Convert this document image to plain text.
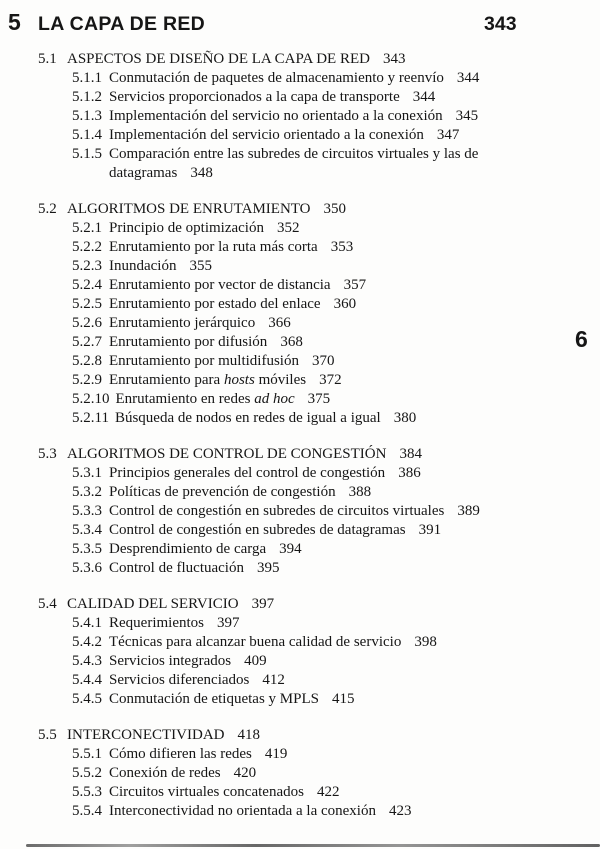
5 LA CAPA DE RED	343
5.1 ASPECTOS DE DISEÑO DE LA CAPA DE RED 343
5.1.1 Conmutación de paquetes de almacenamiento y reenvío 344
5.1.2 Servicios proporcionados a la capa de transporte 344
5.1.3 Implementación del servicio no orientado a la conexión 345
5.1.4 Implementación del servicio orientado a la conexión 347
5.1.5 Comparación entre las subredes de circuitos virtuales y las de
datagramas 348
5.2 ALGORITMOS DE ENRUTAMIENTO 350
5.2.1 Principio de optimización 352
5.2.2 Enrutamiento por la ruta más corta 353
5.2.3 Inundación 355
5.2.4 Enrutamiento por vector de distancia 357
5.2.5 Enrutamiento por estado del enlace 360
5.2.6 Enrutamiento jerárquico 366
5.2.7 Enrutamiento por difusión 368
5.2.8 Enrutamiento por multidifusión 370
5.2.9 Enrutamiento para hosts móviles 372
5.2.10 Enrutamiento en redes ad hoc 375
5.2.11 Búsqueda de nodos en redes de igual a igual 380
5.3 ALGORITMOS DE CONTROL DE CONGESTIÓN 384
5.3.1 Principios generales del control de congestión 386
5.3.2 Políticas de prevención de congestión 388
5.3.3 Control de congestión en subredes de circuitos virtuales 389
5.3.4 Control de congestión en subredes de datagramas 391
5.3.5 Desprendimiento de carga 394
5.3.6 Control de fluctuación 395
5.4 CALIDAD DEL SERVICIO 397
5.4.1 Requerimientos 397
5.4.2 Técnicas para alcanzar buena calidad de servicio 398
5.4.3 Servicios integrados 409
5.4.4 Servicios diferenciados 412
5.4.5 Conmutación de etiquetas y MPLS 415
5.5 INTERCONECTIVIDAD 418
5.5.1 Cómo difieren las redes 419
5.5.2 Conexión de redes 420
5.5.3 Circuitos virtuales concatenados 422
5.5.4 Interconectividad no orientada a la conexión 423
6
